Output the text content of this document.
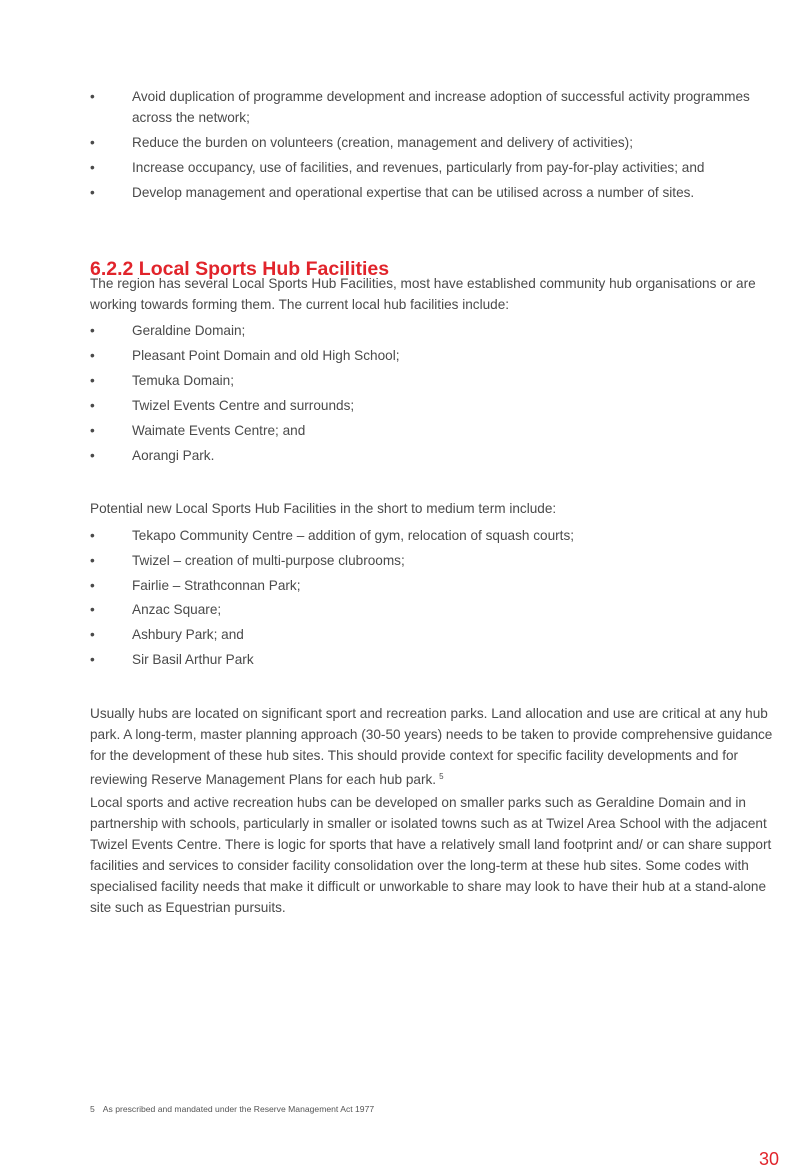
•	Avoid duplication of programme development and increase adoption of successful activity programmes across the network;
•	Reduce the burden on volunteers (creation, management and delivery of activities);
•	Increase occupancy, use of facilities, and revenues, particularly from pay-for-play activities; and
•	Develop management and operational expertise that can be utilised across a number of sites.
6.2.2 Local Sports Hub Facilities

The region has several Local Sports Hub Facilities, most have established community hub organisations or are working towards forming them. The current local hub facilities include:

•	Geraldine Domain;
•	Pleasant Point Domain and old High School;
•	Temuka Domain;
•	Twizel Events Centre and surrounds;
•	Waimate Events Centre; and
•	Aorangi Park.

Potential new Local Sports Hub Facilities in the short to medium term include:

•	Tekapo Community Centre – addition of gym, relocation of squash courts;
•	Twizel – creation of multi-purpose clubrooms;
•	Fairlie – Strathconnan Park;
•	Anzac Square;
•	Ashbury Park; and
•	Sir Basil Arthur Park

Usually hubs are located on significant sport and recreation parks. Land allocation and use are critical at any hub park. A long-term, master planning approach (30-50 years) needs to be taken to provide comprehensive guidance for the development of these hub sites. This should provide context for specific facility developments and for reviewing Reserve Management Plans for each hub park. $^5$

Local sports and active recreation hubs can be developed on smaller parks such as Geraldine Domain and in partnership with schools, particularly in smaller or isolated towns such as at Twizel Area School with the adjacent Twizel Events Centre. There is logic for sports that have a relatively small land footprint and/ or can share support facilities and services to consider facility consolidation over the long-term at these hub sites. Some codes with specialised facility needs that make it difficult or unworkable to share may look to have their hub at a stand-alone site such as Equestrian pursuits.

5 As prescribed and mandated under the Reserve Management Act 1977
30
